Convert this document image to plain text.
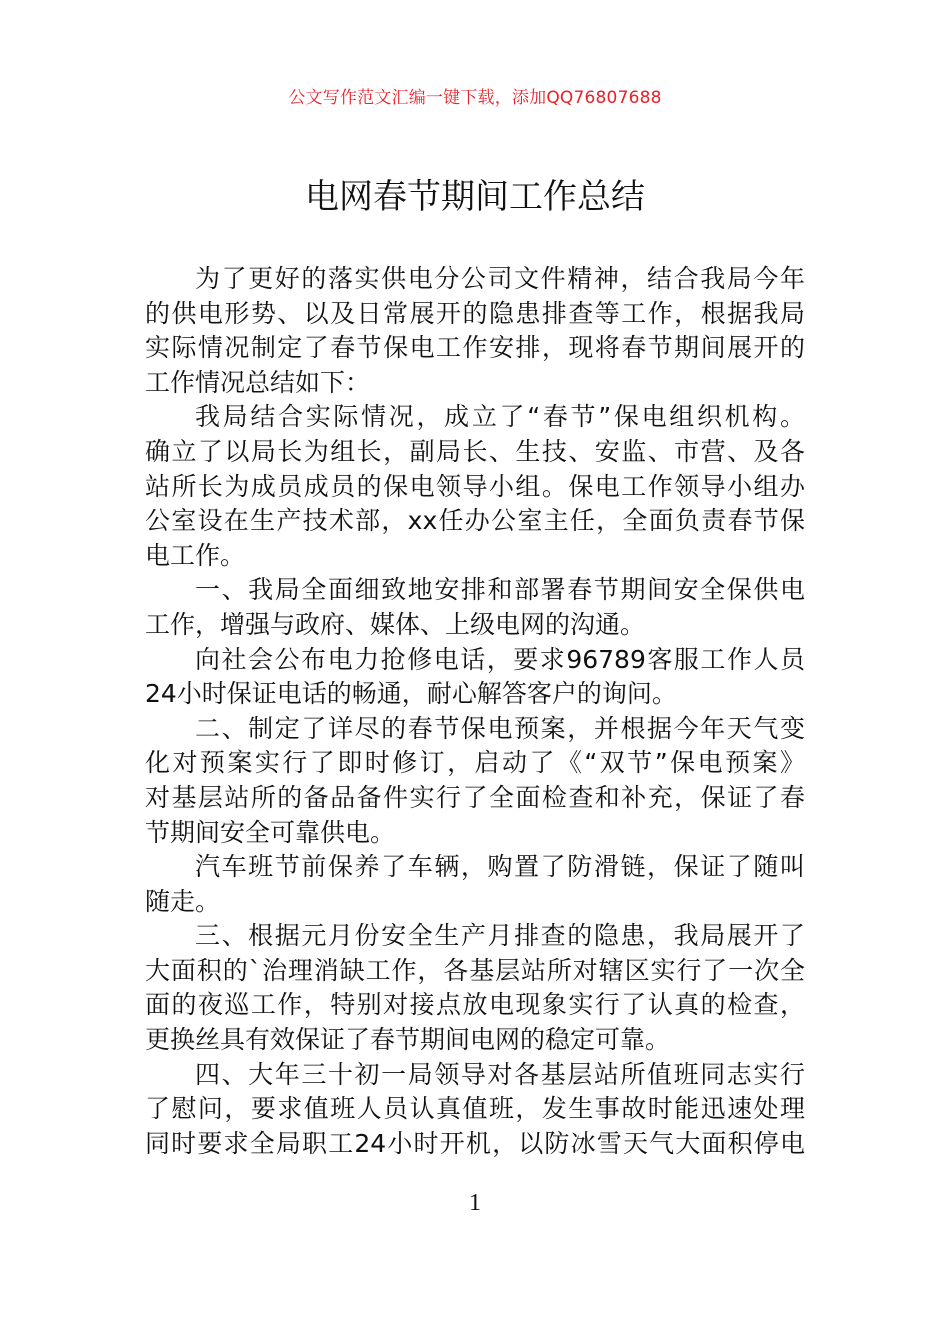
公文写作范文汇编一键下载，添加QQ76807688
电网春节期间工作总结
为了更好的落实供电分公司文件精神，结合我局今年
的供电形势、以及日常展开的隐患排查等工作，根据我局
实际情况制定了春节保电工作安排，现将春节期间展开的
工作情况总结如下：
我局结合实际情况，成立了“春节”保电组织机构。
确立了以局长为组长，副局长、生技、安监、市营、及各
站所长为成员成员的保电领导小组。保电工作领导小组办
公室设在生产技术部，xx任办公室主任，全面负责春节保
电工作。
一、我局全面细致地安排和部署春节期间安全保供电
工作，增强与政府、媒体、上级电网的沟通。
向社会公布电力抢修电话，要求96789客服工作人员
24小时保证电话的畅通，耐心解答客户的询问。
二、制定了详尽的春节保电预案，并根据今年天气变
化对预案实行了即时修订，启动了《“双节”保电预案》
对基层站所的备品备件实行了全面检查和补充，保证了春
节期间安全可靠供电。
汽车班节前保养了车辆，购置了防滑链，保证了随叫
随走。
三、根据元月份安全生产月排查的隐患，我局展开了
大面积的`治理消缺工作，各基层站所对辖区实行了一次全
面的夜巡工作，特别对接点放电现象实行了认真的检查，
更换丝具有效保证了春节期间电网的稳定可靠。
四、大年三十初一局领导对各基层站所值班同志实行
了慰问，要求值班人员认真值班，发生事故时能迅速处理
同时要求全局职工24小时开机，以防冰雪天气大面积停电
1
